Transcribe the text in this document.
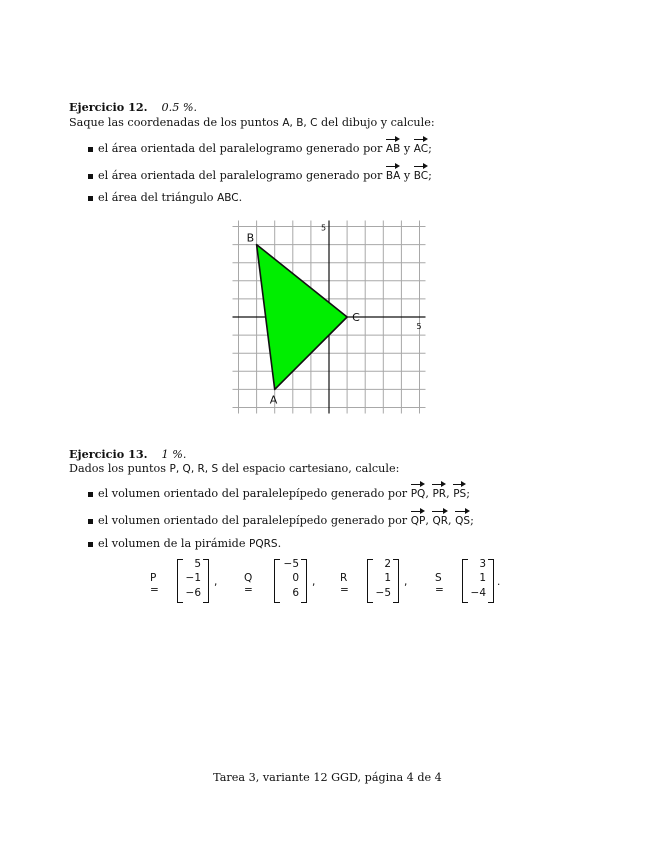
Ejercicio 12. 0.5 %.
Saque las coordenadas de los puntos A, B, C del dibujo y calcule:
el área orientada del paralelogramo generado por AB y AC;
el área orientada del paralelogramo generado por BA y BC;
el área del triángulo ABC.
5
5
A
B
C
Ejercicio 13. 1 %.
Dados los puntos P, Q, R, S del espacio cartesiano, calcule:
el volumen orientado del paralelepípedo generado por PQ, PR, PS;
el volumen orientado del paralelepípedo generado por QP, QR, QS;
el volumen de la pirámide PQRS.
P =
5
−1
−6
,	Q =
−5
0
6
, R =
2
1
−5
,	S =
3
1
−4
.
Tarea 3, variante 12 GGD, página 4 de 4
